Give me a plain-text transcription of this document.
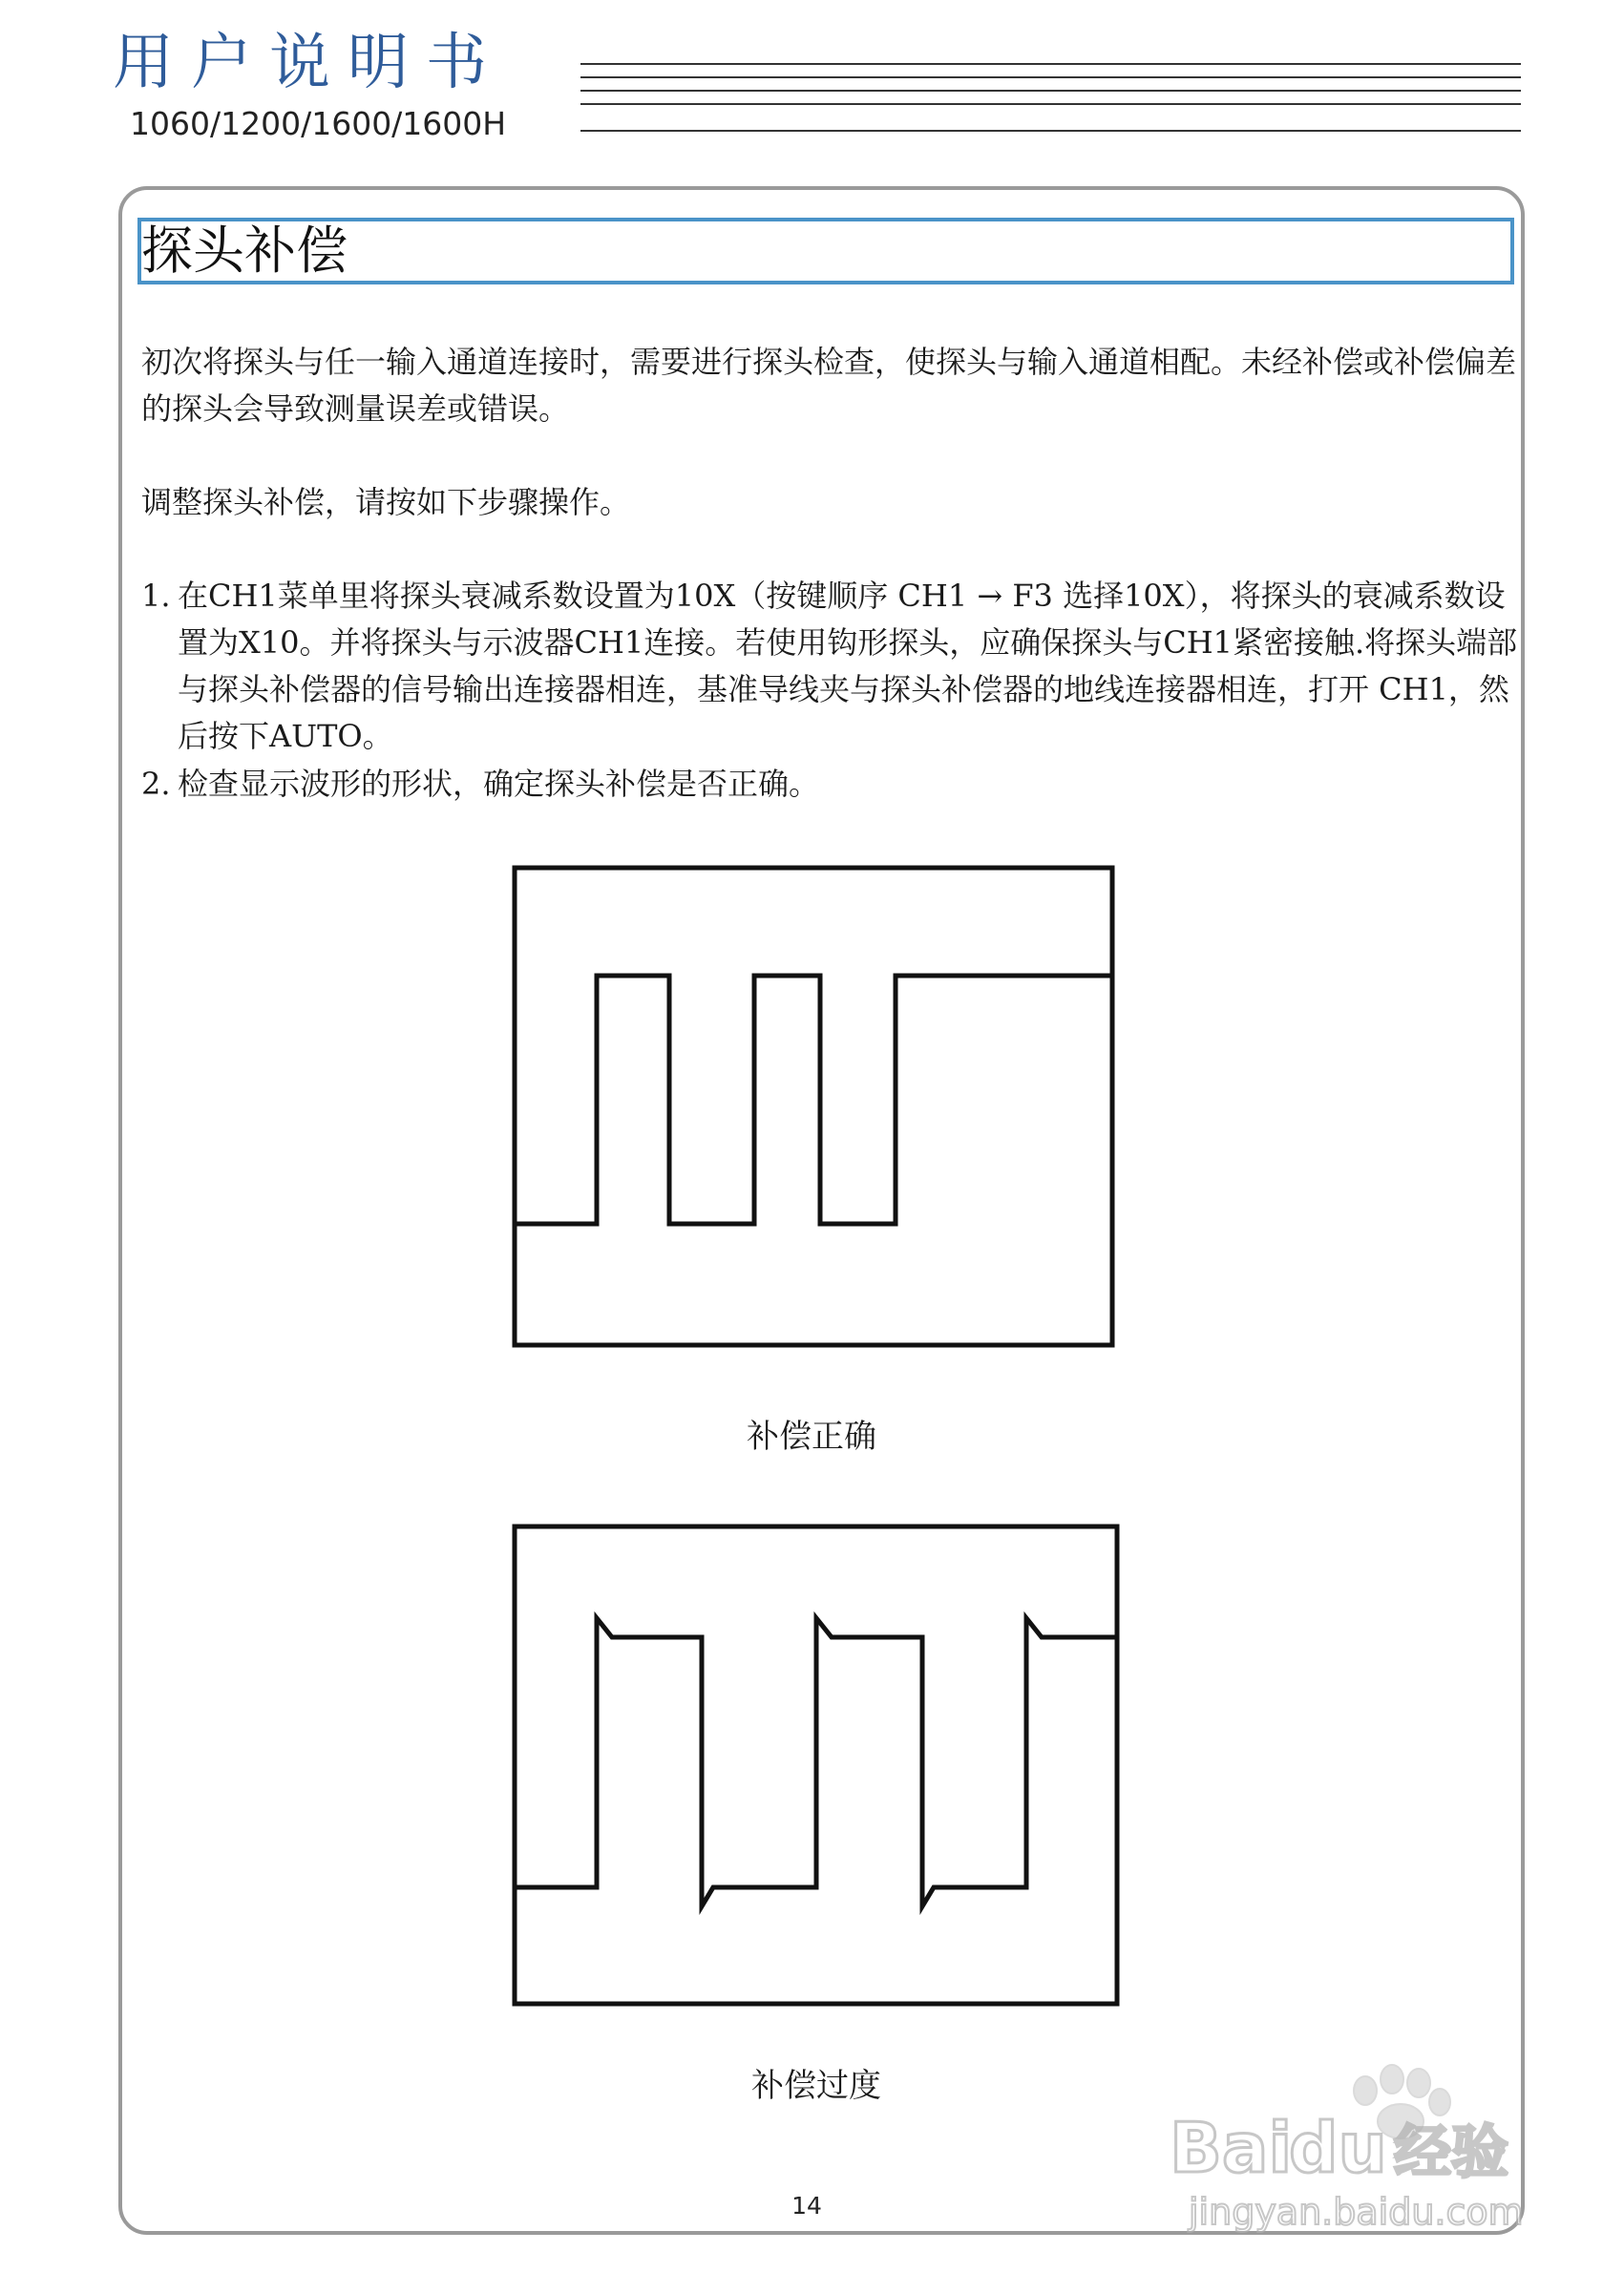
用户说明书
1060/1200/1600/1600H
探头补偿
初次将探头与任一输入通道连接时，需要进行探头检查，使探头与输入通道相配。未经补偿或补偿偏差的探头会导致测量误差或错误。
调整探头补偿，请按如下步骤操作。
1. 在CH1菜单里将探头衰减系数设置为10X（按键顺序 CH1 → F3 选择10X），将探头的衰减系数设置为X10。并将探头与示波器CH1连接。若使用钩形探头，应确保探头与CH1紧密接触.将探头端部与探头补偿器的信号输出连接器相连，基准导线夹与探头补偿器的地线连接器相连，打开 CH1，然后按下AUTO。
2. 检查显示波形的形状，确定探头补偿是否正确。
补偿正确
补偿过度
14
Bai
du 经验
jingyan.baidu.com
